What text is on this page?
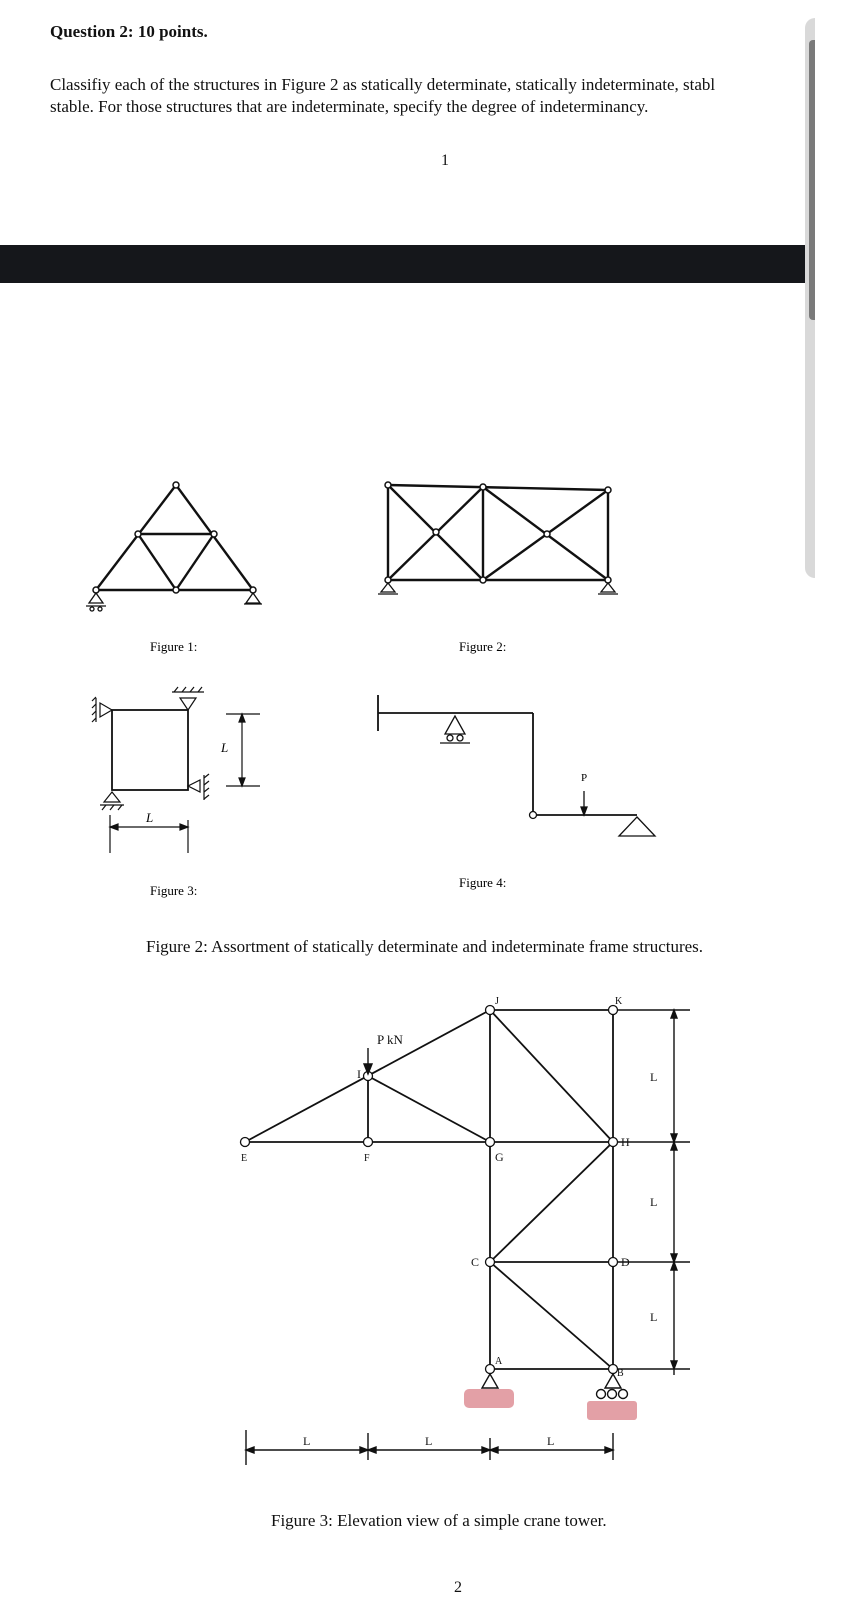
Question 2: 10 points.
Classifiy each of the structures in Figure 2 as statically determinate, statically indeterminate, stabl
stable. For those structures that are indeterminate, specify the degree of indeterminancy.
1
Figure 1:	Figure 2:
L
L
P
Figure 3:
Figure 4:
Figure 2: Assortment of statically determinate and indeterminate frame structures.
P kN
I
J	K
E	F	G
H
C	D
A
B
L	L	L
L
L
L
Figure 3: Elevation view of a simple crane tower.
2
